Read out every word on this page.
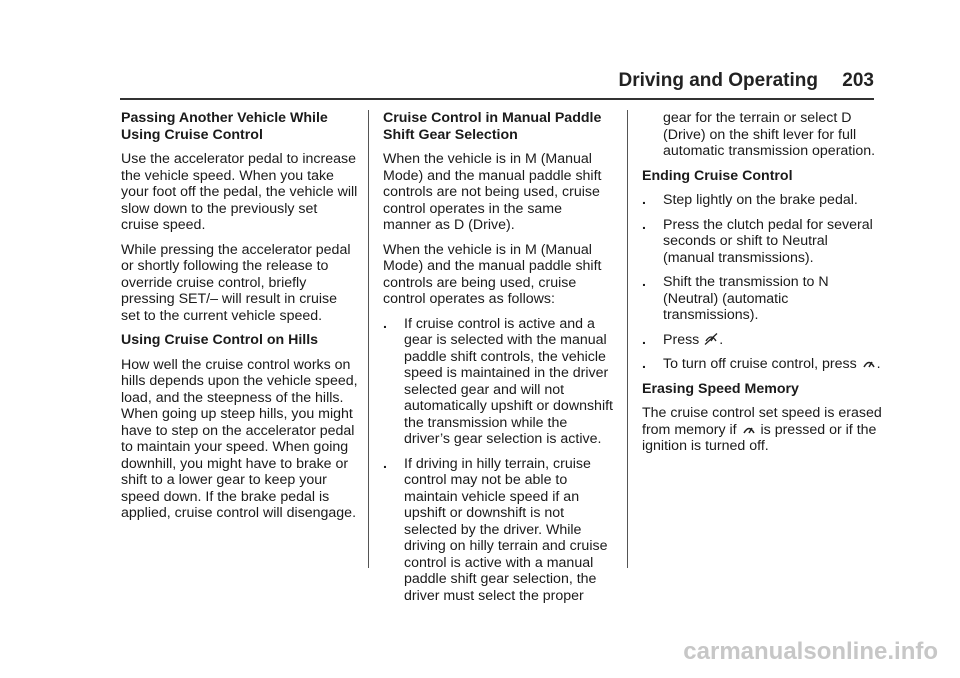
Driving and Operating 203
Passing Another Vehicle While Using Cruise Control

Use the accelerator pedal to increase the vehicle speed. When you take your foot off the pedal, the vehicle will slow down to the previously set cruise speed.

While pressing the accelerator pedal or shortly following the release to override cruise control, briefly pressing SET/– will result in cruise set to the current vehicle speed.

Using Cruise Control on Hills

How well the cruise control works on hills depends upon the vehicle speed, load, and the steepness of the hills. When going up steep hills, you might have to step on the accelerator pedal to maintain your speed. When going downhill, you might have to brake or shift to a lower gear to keep your speed down. If the brake pedal is applied, cruise control will disengage.

Cruise Control in Manual Paddle Shift Gear Selection

When the vehicle is in M (Manual Mode) and the manual paddle shift controls are not being used, cruise control operates in the same manner as D (Drive).

When the vehicle is in M (Manual Mode) and the manual paddle shift controls are being used, cruise control operates as follows:

. If cruise control is active and a gear is selected with the manual paddle shift controls, the vehicle speed is maintained in the driver selected gear and will not automatically upshift or downshift the transmission while the driver’s gear selection is active.
. If driving in hilly terrain, cruise control may not be able to maintain vehicle speed if an upshift or downshift is not selected by the driver. While driving on hilly terrain and cruise control is active with a manual paddle shift gear selection, the driver must select the proper

gear for the terrain or select D (Drive) on the shift lever for full automatic transmission operation.

Ending Cruise Control
. Step lightly on the brake pedal.
. Press the clutch pedal for several seconds or shift to Neutral (manual transmissions).
. Shift the transmission to N (Neutral) (automatic transmissions).
. Press .
. To turn off cruise control, press .
Erasing Speed Memory

The cruise control set speed is erased from memory if is pressed or if the ignition is turned off.

carmanualsonline.info
